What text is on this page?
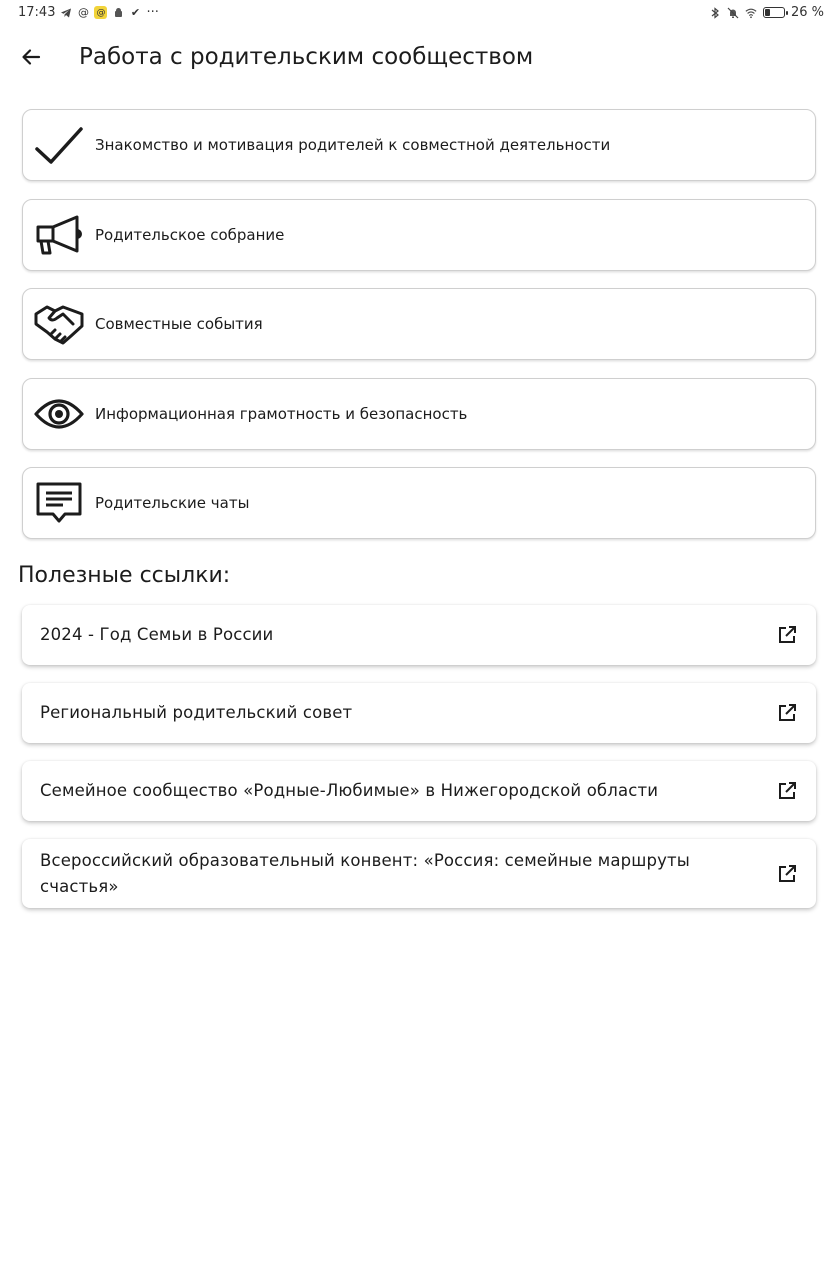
17:43 @ @ ✔ ···	26 %
Работа с родительским сообществом
Знакомство и мотивация родителей к совместной деятельности
Родительское собрание
Совместные события
Информационная грамотность и безопасность
Родительские чаты
Полезные ссылки:
2024 - Год Семьи в России
Региональный родительский совет
Семейное сообщество «Родные-Любимые» в Нижегородской области
Всероссийский образовательный конвент: «Россия: семейные маршруты счастья»
